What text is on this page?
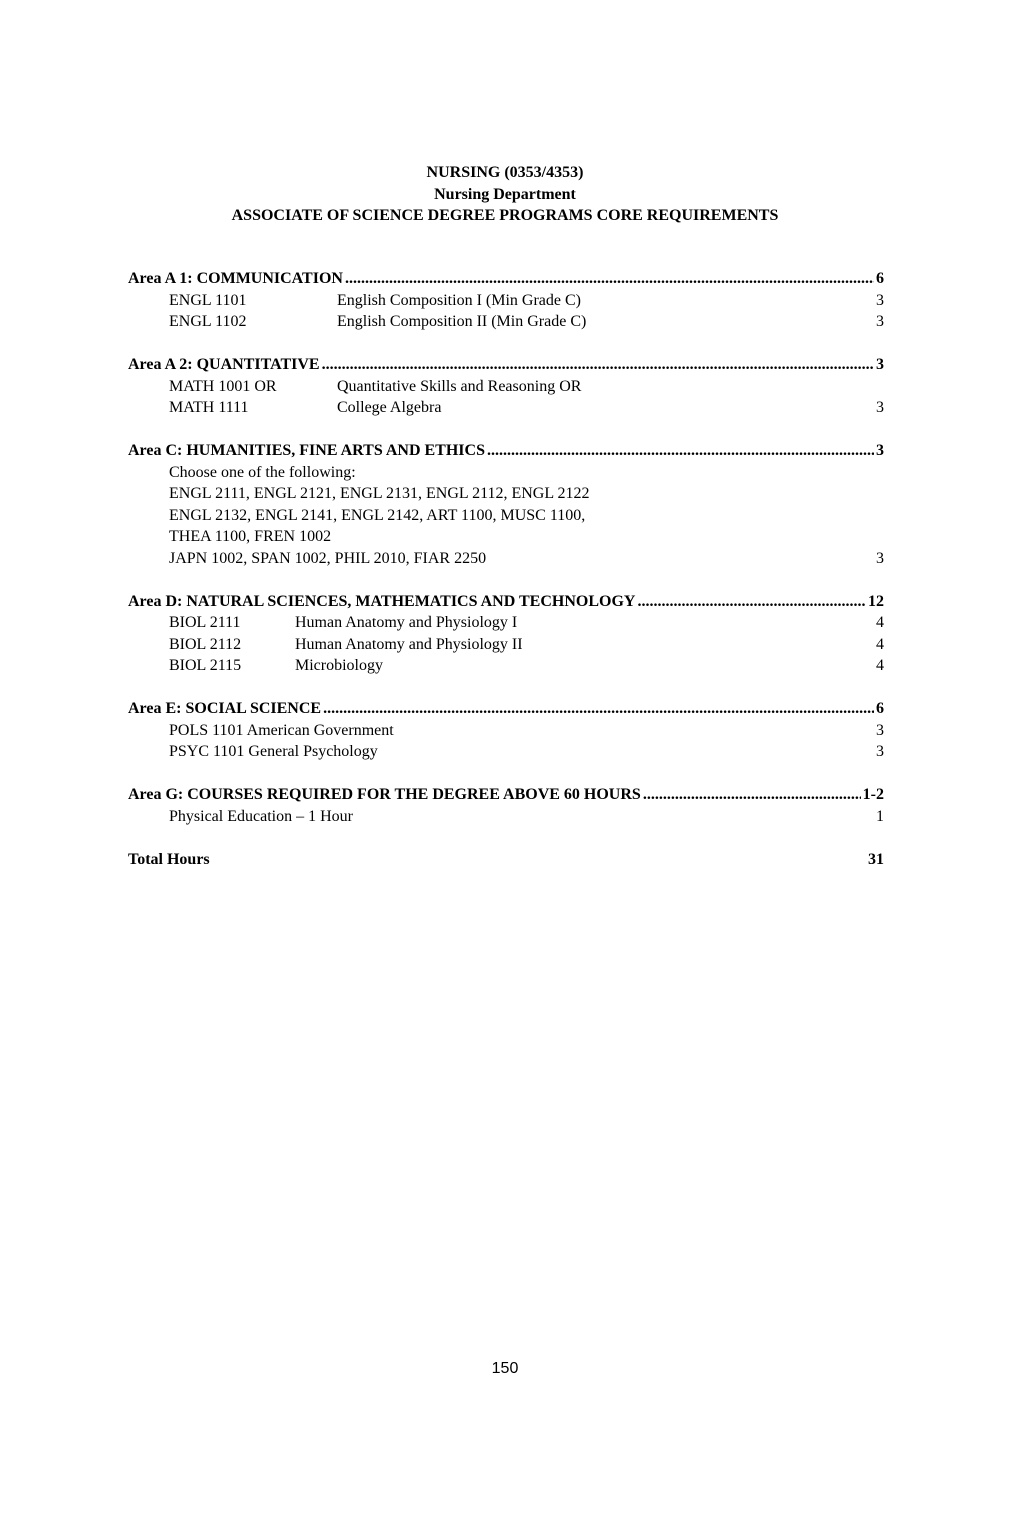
NURSING (0353/4353)
Nursing Department
ASSOCIATE OF SCIENCE DEGREE PROGRAMS CORE REQUIREMENTS
Area A 1: COMMUNICATION .....	6
ENGL 1101	English Composition I (Min Grade C)	3
ENGL 1102	English Composition II (Min Grade C)	3
Area A 2: QUANTITATIVE .....	3
MATH 1001 OR	Quantitative Skills and Reasoning OR
MATH 1111	College Algebra	3
Area C: HUMANITIES, FINE ARTS AND ETHICS .....	3
Choose one of the following:
ENGL 2111, ENGL 2121, ENGL 2131, ENGL 2112, ENGL 2122
ENGL 2132, ENGL 2141, ENGL 2142, ART 1100, MUSC 1100,
THEA 1100, FREN 1002
JAPN 1002, SPAN 1002, PHIL 2010, FIAR 2250	3
Area D: NATURAL SCIENCES, MATHEMATICS AND TECHNOLOGY .....	12
BIOL 2111	Human Anatomy and Physiology I	4
BIOL 2112	Human Anatomy and Physiology II	4
BIOL 2115	Microbiology	4
Area E: SOCIAL SCIENCE .....	6
POLS 1101 American Government	3
PSYC 1101 General Psychology	3
Area G: COURSES REQUIRED FOR THE DEGREE ABOVE 60 HOURS .....	1-2
Physical Education – 1 Hour	1
Total Hours	31
150
